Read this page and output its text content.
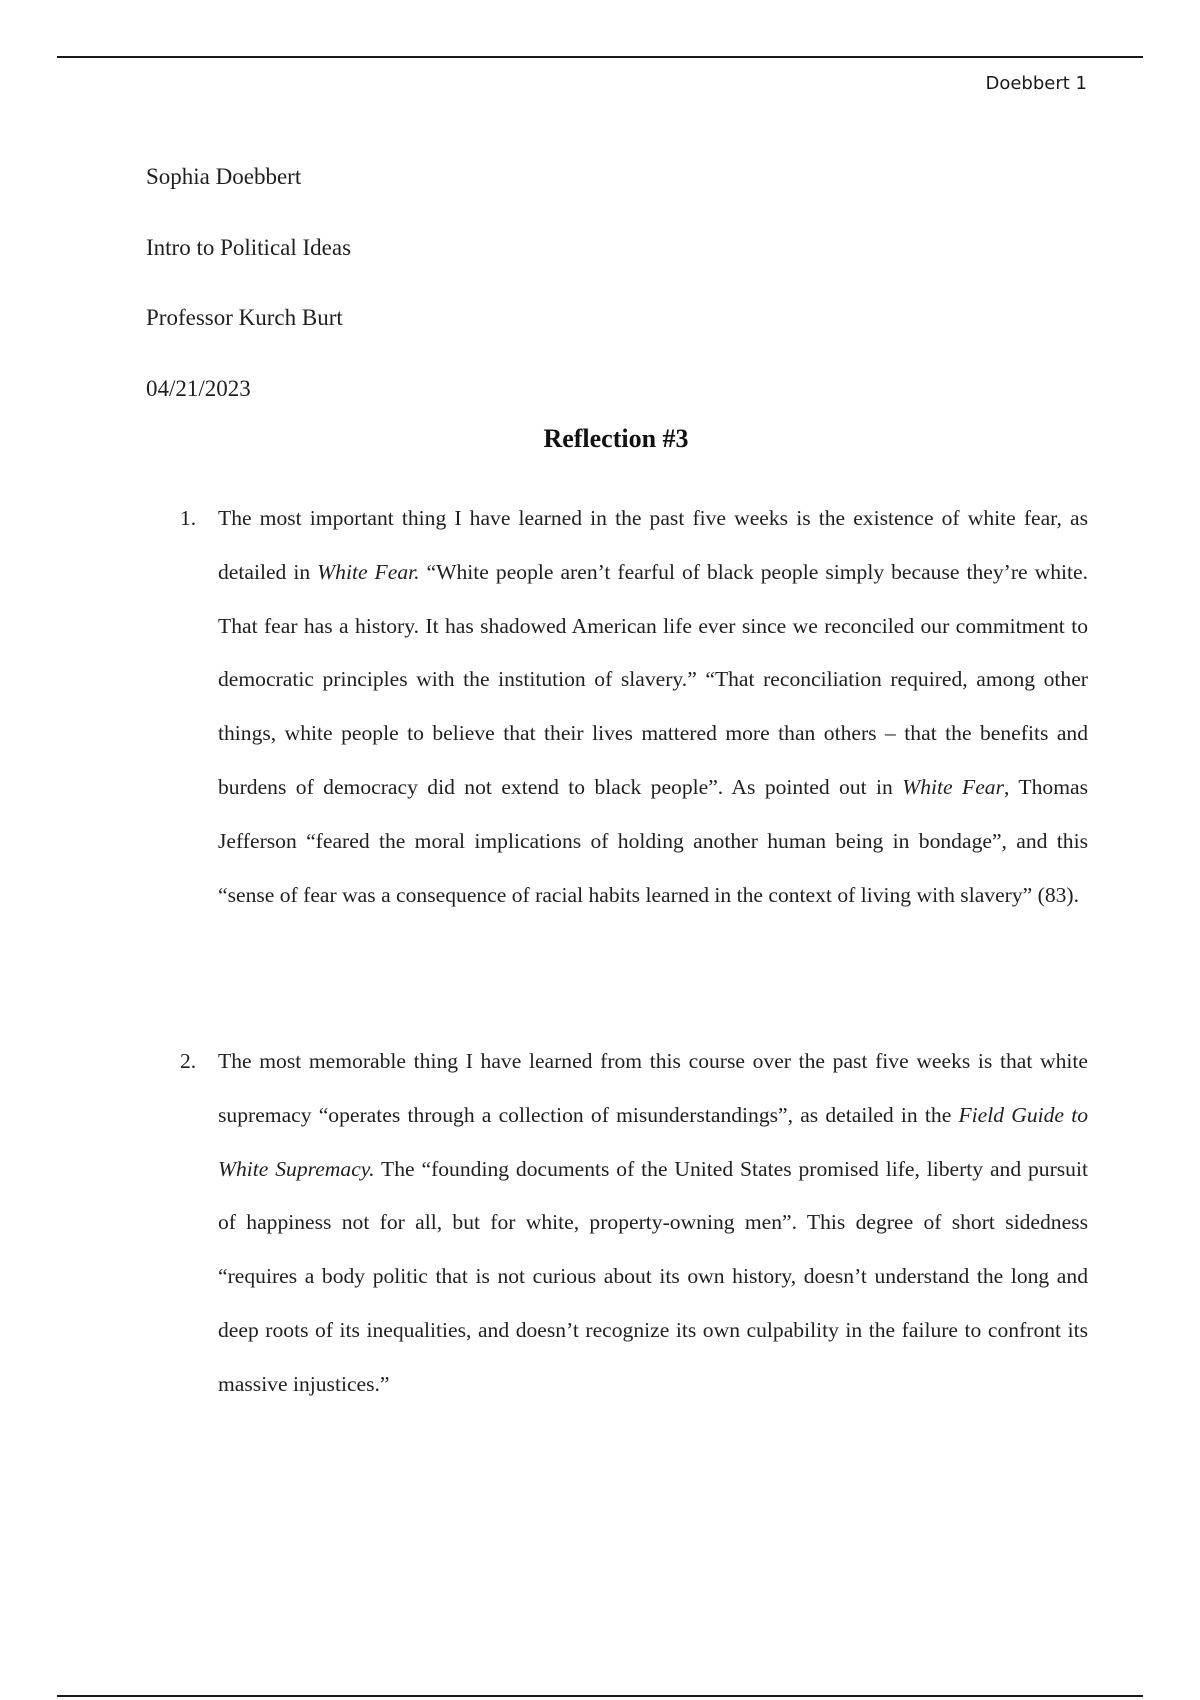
Doebbert 1
Sophia Doebbert
Intro to Political Ideas
Professor Kurch Burt
04/21/2023
Reflection #3
1. The most important thing I have learned in the past five weeks is the existence of white fear, as detailed in White Fear. “White people aren’t fearful of black people simply because they’re white. That fear has a history. It has shadowed American life ever since we reconciled our commitment to democratic principles with the institution of slavery.” “That reconciliation required, among other things, white people to believe that their lives mattered more than others – that the benefits and burdens of democracy did not extend to black people”. As pointed out in White Fear, Thomas Jefferson “feared the moral implications of holding another human being in bondage”, and this “sense of fear was a consequence of racial habits learned in the context of living with slavery” (83).
2. The most memorable thing I have learned from this course over the past five weeks is that white supremacy “operates through a collection of misunderstandings”, as detailed in the Field Guide to White Supremacy. The “founding documents of the United States promised life, liberty and pursuit of happiness not for all, but for white, property-owning men”. This degree of short sidedness “requires a body politic that is not curious about its own history, doesn’t understand the long and deep roots of its inequalities, and doesn’t recognize its own culpability in the failure to confront its massive injustices.”
